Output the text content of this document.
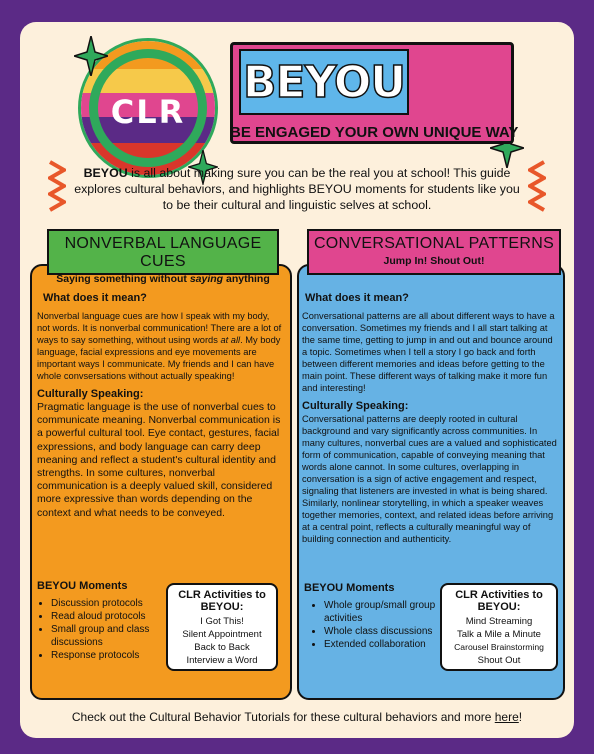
CLR
BEYOU
BE ENGAGED YOUR OWN UNIQUE WAY
BEYOU is all about making sure you can be the real you at school! This guide explores cultural behaviors, and highlights BEYOU moments for students like you to be their cultural and linguistic selves at school.
NONVERBAL LANGUAGE CUES
Saying something without saying anything
CONVERSATIONAL PATTERNS
Jump In! Shout Out!
What does it mean?

Nonverbal language cues are how I speak with my body, not words. It is nonverbal communication! There are a lot of ways to say something, without using words at all. My body language, facial expressions and eye movements are important ways I communicate. My friends and I can have whole convsersations without actually speaking!

Culturally Speaking:

Pragmatic language is the use of nonverbal cues to communicate meaning. Nonverbal communication is a powerful cultural tool. Eye contact, gestures, facial expressions, and body language can carry deep meaning and reflect a student's cultural identity and strengths. In some cultures, nonverbal communication is a deeply valued skill, considered more expressive than words depending on the context and what needs to be conveyed.

What does it mean?

Conversational patterns are all about different ways to have a conversation. Sometimes my friends and I all start talking at the same time, getting to jump in and out and bounce around a topic. Sometimes when I tell a story I go back and forth between different memories and ideas before getting to the main point. These different ways of talking make it more fun and interesting!

Culturally Speaking:

Conversational patterns are deeply rooted in cultural background and vary significantly across communities. In many cultures, nonverbal cues are a valued and sophisticated form of communication, capable of conveying meaning that words alone cannot. In some cultures, overlapping in conversation is a sign of active engagement and respect, signaling that listeners are invested in what is being shared. Similarly, nonlinear storytelling, in which a speaker weaves together memories, context, and related ideas before arriving at a central point, reflects a culturally meaningful way of building connection and authenticity.

BEYOU Moments
• Discussion protocols
• Read aloud protocols
• Small group and class discussions
• Response protocols
CLR Activities to BEYOU:
I Got This!
Silent Appointment
Back to Back
Interview a Word
BEYOU Moments
• Whole group/small group activities
• Whole class discussions
• Extended collaboration
CLR Activities to BEYOU:
Mind Streaming
Talk a Mile a Minute
Carousel Brainstorming
Shout Out
Check out the Cultural Behavior Tutorials for these cultural behaviors and more here!
